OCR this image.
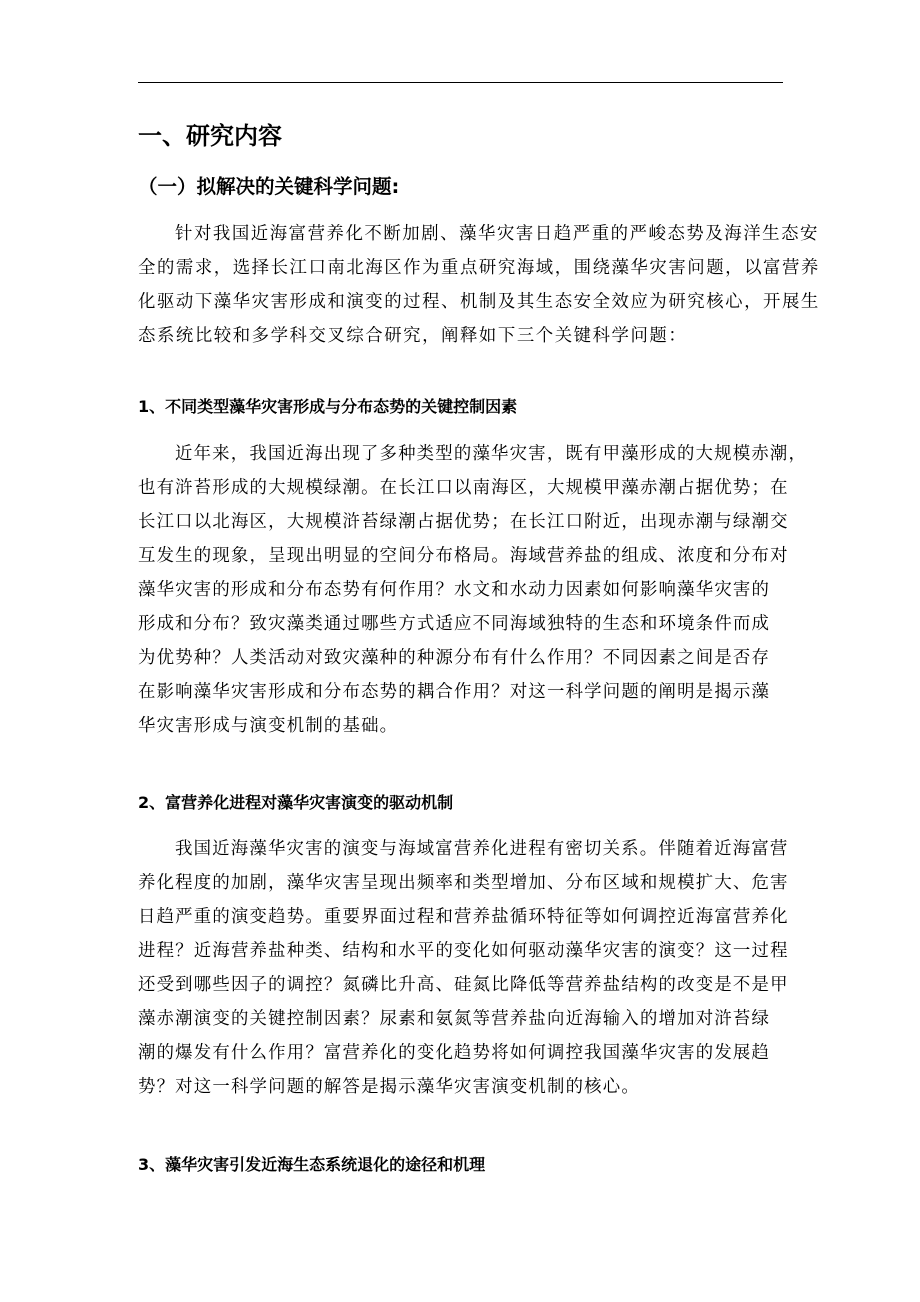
一、研究内容
（一）拟解决的关键科学问题:
针对我国近海富营养化不断加剧、藻华灾害日趋严重的严峻态势及海洋生态安
全的需求，选择长江口南北海区作为重点研究海域，围绕藻华灾害问题，以富营养
化驱动下藻华灾害形成和演变的过程、机制及其生态安全效应为研究核心，开展生
态系统比较和多学科交叉综合研究，阐释如下三个关键科学问题：
1、不同类型藻华灾害形成与分布态势的关键控制因素
近年来，我国近海出现了多种类型的藻华灾害，既有甲藻形成的大规模赤潮，
也有浒苔形成的大规模绿潮。在长江口以南海区，大规模甲藻赤潮占据优势；在
长江口以北海区，大规模浒苔绿潮占据优势；在长江口附近，出现赤潮与绿潮交
互发生的现象，呈现出明显的空间分布格局。海域营养盐的组成、浓度和分布对
藻华灾害的形成和分布态势有何作用？水文和水动力因素如何影响藻华灾害的
形成和分布？致灾藻类通过哪些方式适应不同海域独特的生态和环境条件而成
为优势种？人类活动对致灾藻种的种源分布有什么作用？不同因素之间是否存
在影响藻华灾害形成和分布态势的耦合作用？对这一科学问题的阐明是揭示藻
华灾害形成与演变机制的基础。
2、富营养化进程对藻华灾害演变的驱动机制
我国近海藻华灾害的演变与海域富营养化进程有密切关系。伴随着近海富营
养化程度的加剧，藻华灾害呈现出频率和类型增加、分布区域和规模扩大、危害
日趋严重的演变趋势。重要界面过程和营养盐循环特征等如何调控近海富营养化
进程？近海营养盐种类、结构和水平的变化如何驱动藻华灾害的演变？这一过程
还受到哪些因子的调控？氮磷比升高、硅氮比降低等营养盐结构的改变是不是甲
藻赤潮演变的关键控制因素？尿素和氨氮等营养盐向近海输入的增加对浒苔绿
潮的爆发有什么作用？富营养化的变化趋势将如何调控我国藻华灾害的发展趋
势？对这一科学问题的解答是揭示藻华灾害演变机制的核心。
3、藻华灾害引发近海生态系统退化的途径和机理
